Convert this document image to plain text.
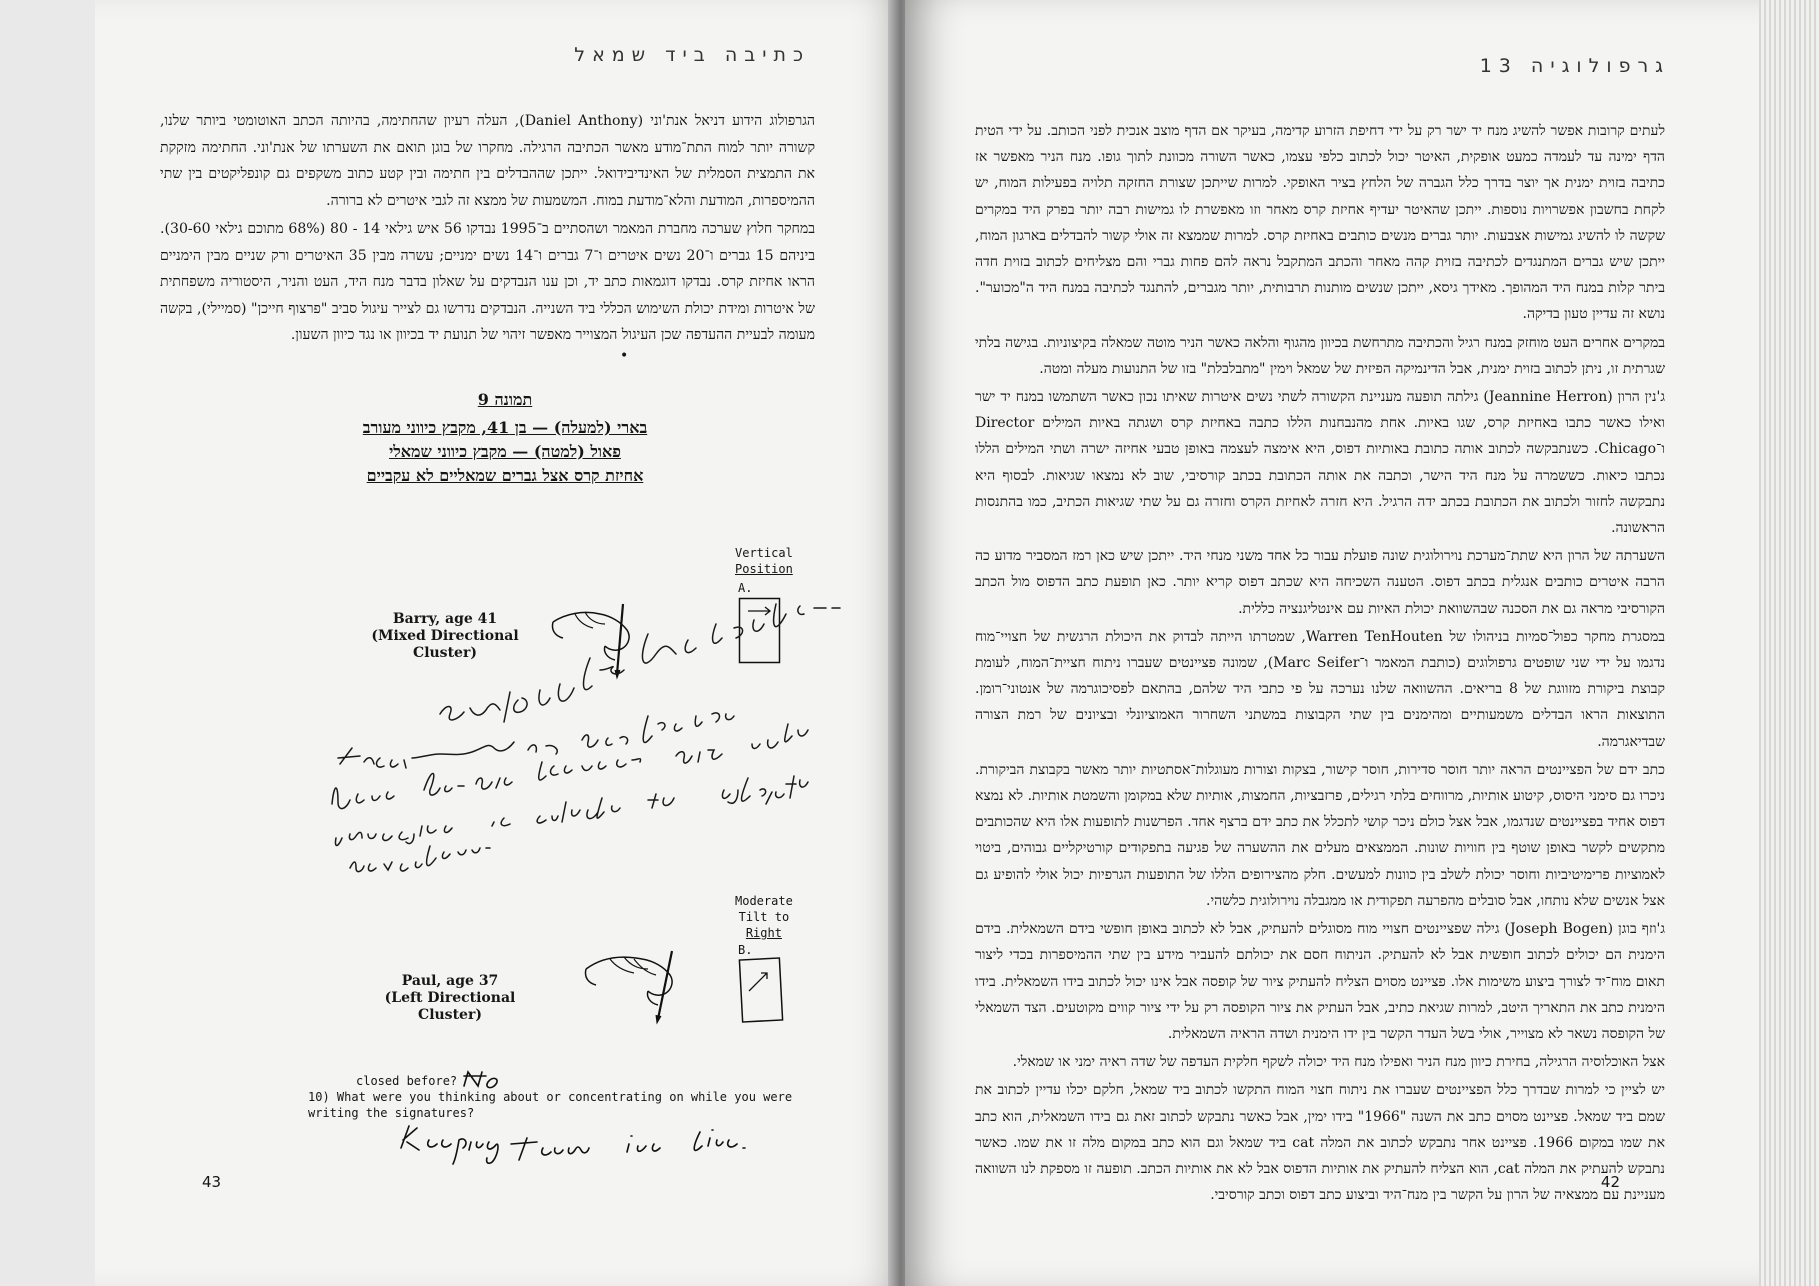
כתיבה ביד שמאל

הגרפולוג הידוע דניאל אנת'וני (Daniel Anthony), העלה רעיון שהחתימה, בהיותה הכתב האוטומטי ביותר שלנו, קשורה יותר למוח התת־מודע מאשר הכתיבה הרגילה. מחקרו של בוגן תואם את השערתו של אנת'וני. החתימה מזקקת את התמצית הסמלית של האינדיבידואל. ייתכן שההבדלים בין חתימה ובין קטע כתוב משקפים גם קונפליקטים בין שתי ההמיספרות, המודעת והלא־מודעת במוח. המשמעות של ממצא זה לגבי איטרים לא ברורה.

במחקר חלוץ שערכה מחברת המאמר ושהסתיים ב־1995 נבדקו 56 איש גילאי 14 - 80 (68% מתוכם גילאי 30-60). ביניהם 15 גברים ו־20 נשים איטרים ו־7 גברים ו־14 נשים ימניים; עשרה מבין 35 האיטרים ורק שניים מבין הימניים הראו אחיזת קרס. נבדקו דוגמאות כתב יד, וכן ענו הנבדקים על שאלון בדבר מנח היד, העט והניר, היסטוריה משפחתית של איטרות ומידת יכולת השימוש הכללי ביד השנייה. הנבדקים נדרשו גם לצייר עיגול סביב "פרצוף חייכן" (סמיילי), בקשה מעומה לבעיית ההעדפה שכן העיגול המצוייר מאפשר זיהוי של תנועת יד בכיוון או נגד כיוון השעון.

•
תמונה 9
בארי (למעלה) — בן 41, מקבץ כיווני מעורב
פאול (למטה) — מקבץ כיווני שמאלי
אחיזת קרס אצל גברים שמאליים לא עקביים
Vertical
Position
A.
Barry, age 41
(Mixed Directional Cluster)
Moderate
Tilt to
Right
B.
Paul, age 37
(Left Directional Cluster)
closed before?
10) What were you thinking about or concentrating on while you were
writing the signatures?
43
גרפולוגיה 13

לעתים קרובות אפשר להשיג מנח יד ישר רק על ידי דחיפת הזרוע קדימה, בעיקר אם הדף מוצב אנכית לפני הכותב. על ידי הטית הדף ימינה עד לעמדה כמעט אופקית, האיטר יכול לכתוב כלפי עצמו, כאשר השורה מכוונת לתוך גופו. מנח הניר מאפשר אז כתיבה בזוית ימנית אך יוצר בדרך כלל הגברה של הלחץ בציר האופקי. למרות שייתכן שצורת החזקה תלויה בפעילות המוח, יש לקחת בחשבון אפשרויות נוספות. ייתכן שהאיטר יעדיף אחיזת קרס מאחר וזו מאפשרת לו גמישות רבה יותר בפרק היד במקרים שקשה לו להשיג גמישות אצבעות. יותר גברים מנשים כותבים באחיזת קרס. למרות שממצא זה אולי קשור להבדלים בארגון המוח, ייתכן שיש גברים המתנגדים לכתיבה בזוית קהה מאחר והכתב המתקבל נראה להם פחות גברי והם מצליחים לכתוב בזוית חדה ביתר קלות במנח היד המהופך. מאידך גיסא, ייתכן שנשים מותנות תרבותית, יותר מגברים, להתנגד לכתיבה במנח היד ה"מכוער". נושא זה עדיין טעון בדיקה.

במקרים אחרים העט מוחזק במנח רגיל והכתיבה מתרחשת בכיוון מהגוף והלאה כאשר הניר מוטה שמאלה בקיצוניות. בגישה בלתי שגרתית זו, ניתן לכתוב בזוית ימנית, אבל הדינמיקה הפיזית של שמאל וימין "מתבלבלת" בזו של התנועות מעלה ומטה.

ג'נין הרון (Jeannine Herron) גילתה תופעה מעניינת הקשורה לשתי נשים איטרות שאיתו נכון כאשר השתמשו במנח יד ישר ואילו כאשר כתבו באחיזת קרס, שגו באיות. אחת מהנבחנות הללו כתבה באחיזת קרס ושגתה באיות המילים Director ו־Chicago. כשנתבקשה לכתוב אותה כתובת באותיות דפוס, היא אימצה לעצמה באופן טבעי אחיזה ישרה ושתי המילים הללו נכתבו כיאות. כששמרה על מנח היד הישר, וכתבה את אותה הכתובת בכתב קורסיבי, שוב לא נמצאו שגיאות. לבסוף היא נתבקשה לחזור ולכתוב את הכתובת בכתב ידה הרגיל. היא חזרה לאחיזת הקרס וחזרה גם על שתי שגיאות הכתיב, כמו בהתנסות הראשונה.

השערתה של הרון היא שתת־מערכת נוירולוגית שונה פועלת עבור כל אחד משני מנחי היד. ייתכן שיש כאן רמז המסביר מדוע כה הרבה איטרים כותבים אנגלית בכתב דפוס. הטענה השכיחה היא שכתב דפוס קריא יותר. כאן תופעת כתב הדפוס מול הכתב הקורסיבי מראה גם את הסכנה שבהשוואת יכולת האיות עם אינטליגנציה כללית.

במסגרת מחקר כפול־סמיות בניהולו של Warren TenHouten, שמטרתו הייתה לבדוק את היכולת הרגשית של חצויי־מוח נדגמו על ידי שני שופטים גרפולוגים (כותבת המאמר ו־Marc Seifer), שמונה פציינטים שעברו ניתוח חציית־המוח, לעומת קבוצת ביקורת מזווגת של 8 בריאים. ההשוואה שלנו נערכה על פי כתבי היד שלהם, בהתאם לפסיכוגרמה של אנטוני־רומן. התוצאות הראו הבדלים משמעותיים ומהימנים בין שתי הקבוצות במשתני השחרור האמוציונלי ובציונים של רמת הצורה שבדיאגרמה.

כתב ידם של הפציינטים הראה יותר חוסר סדירות, חוסר קישור, בצקות וצורות מעוגלות־אסתטיות יותר מאשר בקבוצת הביקורת. ניכרו גם סימני היסוס, קיטוע אותיות, מרווחים בלתי רגילים, פרזבציות, החמצות, אותיות שלא במקומן והשמטת אותיות. לא נמצא דפוס אחיד בפציינטים שנדגמו, אבל אצל כולם ניכר קושי לתכלל את כתב ידם ברצף אחד. הפרשנות לתופעות אלו היא שהכותבים מתקשים לקשר באופן שוטף בין חוויות שונות. הממצאים מעלים את ההשערה של פגיעה בתפקודים קורטיקליים גבוהים, ביטוי לאמוציות פרימיטיביות וחוסר יכולת לשלב בין כוונות למעשים. חלק מהצירופים הללו של התופעות הגרפיות יכול אולי להופיע גם אצל אנשים שלא נותחו, אבל סובלים מהפרעה תפקודית או ממגבלה נוירולוגית כלשהי.

ג'וזף בוגן (Joseph Bogen) גילה שפציינטים חצויי מוח מסוגלים להעתיק, אבל לא לכתוב באופן חופשי בידם השמאלית. בידם הימנית הם יכולים לכתוב חופשית אבל לא להעתיק. הניתוח חסם את יכולתם להעביר מידע בין שתי ההמיספרות בכדי ליצור תאום מוח־יד לצורך ביצוע משימות אלו. פציינט מסוים הצליח להעתיק ציור של קופסה אבל אינו יכול לכתוב בידו השמאלית. בידו הימנית כתב את התאריך היטב, למרות שגיאת כתיב, אבל העתיק את ציור הקופסה רק על ידי ציור קווים מקוטעים. הצד השמאלי של הקופסה נשאר לא מצוייר, אולי בשל העדר הקשר בין ידו הימנית ושדה הראיה השמאלית.

אצל האוכלוסיה הרגילה, בחירת כיוון מנח הניר ואפילו מנח היד יכולה לשקף חלקית העדפה של שדה ראיה ימני או שמאלי.

יש לציין כי למרות שבדרך כלל הפציינטים שעברו את ניתוח חצוי המוח התקשו לכתוב ביד שמאל, חלקם יכלו עדיין לכתוב את שמם ביד שמאל. פציינט מסוים כתב את השנה "1966" בידו ימין, אבל כאשר נתבקש לכתוב זאת גם בידו השמאלית, הוא כתב את שמו במקום 1966. פציינט אחר נתבקש לכתוב את המלה cat ביד שמאל וגם הוא כתב במקום מלה זו את שמו. כאשר נתבקש להעתיק את המלה cat, הוא הצליח להעתיק את אותיות הדפוס אבל לא את אותיות הכתב. תופעה זו מספקת לנו השוואה מעניינת עם ממצאיה של הרון על הקשר בין מנח־היד וביצוע כתב דפוס וכתב קורסיבי.

42
